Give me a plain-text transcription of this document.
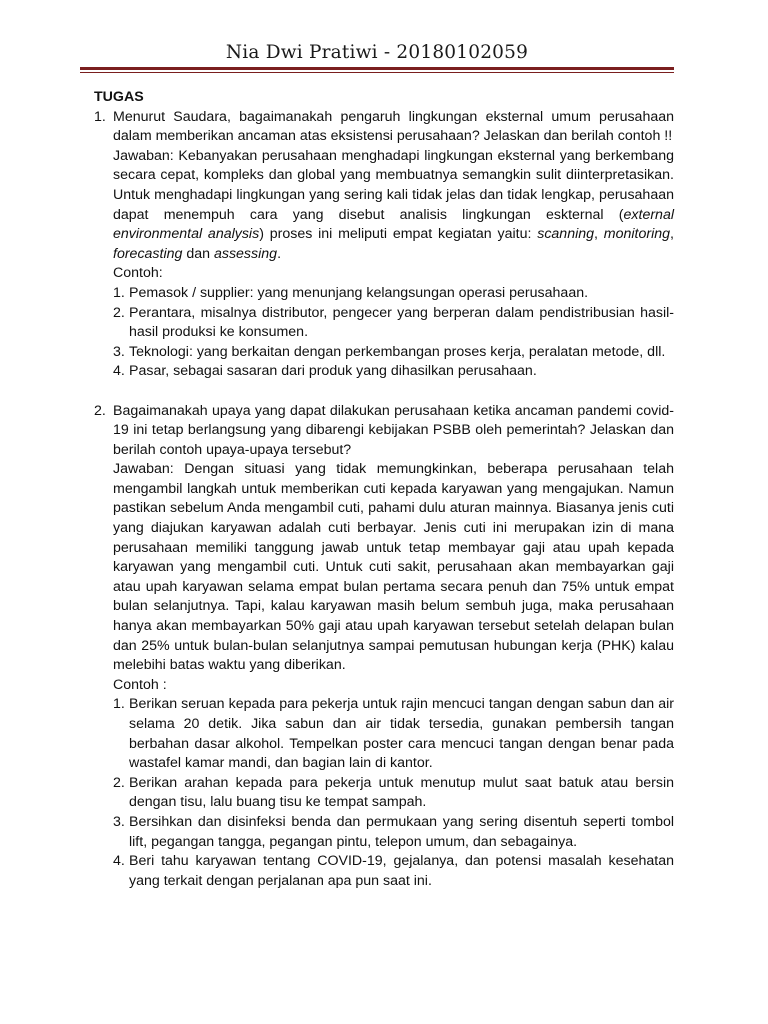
Nia Dwi Pratiwi - 20180102059

TUGAS

1. Menurut Saudara, bagaimanakah pengaruh lingkungan eksternal umum perusahaan dalam memberikan ancaman atas eksistensi perusahaan? Jelaskan dan berilah contoh !!

Jawaban: Kebanyakan perusahaan menghadapi lingkungan eksternal yang berkembang secara cepat, kompleks dan global yang membuatnya semangkin sulit diinterpretasikan. Untuk menghadapi lingkungan yang sering kali tidak jelas dan tidak lengkap, perusahaan dapat menempuh cara yang disebut analisis lingkungan eskternal (external environmental analysis) proses ini meliputi empat kegiatan yaitu: scanning, monitoring, forecasting dan assessing.

Contoh:

1. Pemasok / supplier: yang menunjang kelangsungan operasi perusahaan.
2. Perantara, misalnya distributor, pengecer yang berperan dalam pendistribusian hasil-hasil produksi ke konsumen.
3. Teknologi: yang berkaitan dengan perkembangan proses kerja, peralatan metode, dll.
4. Pasar, sebagai sasaran dari produk yang dihasilkan perusahaan.
2. Bagaimanakah upaya yang dapat dilakukan perusahaan ketika ancaman pandemi covid-19 ini tetap berlangsung yang dibarengi kebijakan PSBB oleh pemerintah? Jelaskan dan berilah contoh upaya-upaya tersebut?

Jawaban: Dengan situasi yang tidak memungkinkan, beberapa perusahaan telah mengambil langkah untuk memberikan cuti kepada karyawan yang mengajukan. Namun pastikan sebelum Anda mengambil cuti, pahami dulu aturan mainnya. Biasanya jenis cuti yang diajukan karyawan adalah cuti berbayar. Jenis cuti ini merupakan izin di mana perusahaan memiliki tanggung jawab untuk tetap membayar gaji atau upah kepada karyawan yang mengambil cuti. Untuk cuti sakit, perusahaan akan membayarkan gaji atau upah karyawan selama empat bulan pertama secara penuh dan 75% untuk empat bulan selanjutnya. Tapi, kalau karyawan masih belum sembuh juga, maka perusahaan hanya akan membayarkan 50% gaji atau upah karyawan tersebut setelah delapan bulan dan 25% untuk bulan-bulan selanjutnya sampai pemutusan hubungan kerja (PHK) kalau melebihi batas waktu yang diberikan.

Contoh :

1. Berikan seruan kepada para pekerja untuk rajin mencuci tangan dengan sabun dan air selama 20 detik. Jika sabun dan air tidak tersedia, gunakan pembersih tangan berbahan dasar alkohol. Tempelkan poster cara mencuci tangan dengan benar pada wastafel kamar mandi, dan bagian lain di kantor.
2. Berikan arahan kepada para pekerja untuk menutup mulut saat batuk atau bersin dengan tisu, lalu buang tisu ke tempat sampah.
3. Bersihkan dan disinfeksi benda dan permukaan yang sering disentuh seperti tombol lift, pegangan tangga, pegangan pintu, telepon umum, dan sebagainya.
4. Beri tahu karyawan tentang COVID-19, gejalanya, dan potensi masalah kesehatan yang terkait dengan perjalanan apa pun saat ini.
